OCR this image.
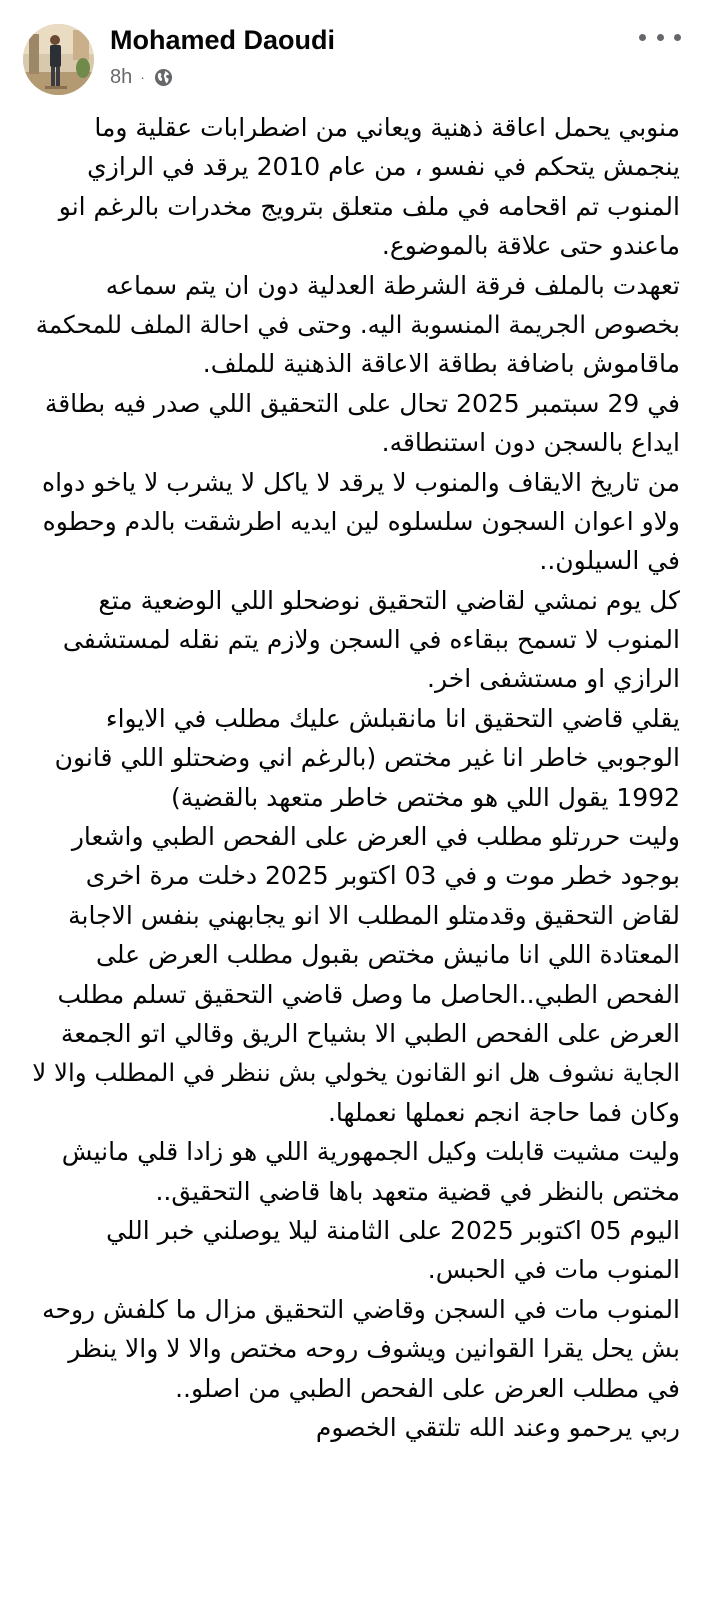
Mohamed Daoudi
8h ·
منوبي يحمل اعاقة ذهنية ويعاني من اضطرابات عقلية وما
ينجمش يتحكم في نفسو ، من عام 2010 يرقد في الرازي
المنوب تم اقحامه في ملف متعلق بترويج مخدرات بالرغم انو
ماعندو حتى علاقة بالموضوع.
تعهدت بالملف فرقة الشرطة العدلية دون ان يتم سماعه
بخصوص الجريمة المنسوبة اليه. وحتى في احالة الملف للمحكمة
ماقاموش باضافة بطاقة الاعاقة الذهنية للملف.
في 29 سبتمبر 2025 تحال على التحقيق اللي صدر فيه بطاقة
ايداع بالسجن دون استنطاقه.
من تاريخ الايقاف والمنوب لا يرقد لا ياكل لا يشرب لا ياخو دواه
ولاو اعوان السجون سلسلوه لين ايديه اطرشقت بالدم وحطوه
في السيلون..
كل يوم نمشي لقاضي التحقيق نوضحلو اللي الوضعية متع
المنوب لا تسمح ببقاءه في السجن ولازم يتم نقله لمستشفى
الرازي او مستشفى اخر.
يقلي قاضي التحقيق انا مانقبلش عليك مطلب في الايواء
الوجوبي خاطر انا غير مختص (بالرغم اني وضحتلو اللي قانون
1992 يقول اللي هو مختص خاطر متعهد بالقضية)
وليت حررتلو مطلب في العرض على الفحص الطبي واشعار
بوجود خطر موت و في 03 اكتوبر 2025 دخلت مرة اخرى
لقاض التحقيق وقدمتلو المطلب الا انو يجابهني بنفس الاجابة
المعتادة اللي انا مانيش مختص بقبول مطلب العرض على
الفحص الطبي..الحاصل ما وصل قاضي التحقيق تسلم مطلب
العرض على الفحص الطبي الا بشياح الريق وقالي اتو الجمعة
الجاية نشوف هل انو القانون يخولي بش ننظر في المطلب والا لا
وكان فما حاجة انجم نعملها نعملها.
وليت مشيت قابلت وكيل الجمهورية اللي هو زادا قلي مانيش
مختص بالنظر في قضية متعهد باها قاضي التحقيق..
اليوم 05 اكتوبر 2025 على الثامنة ليلا يوصلني خبر اللي
المنوب مات في الحبس.
المنوب مات في السجن وقاضي التحقيق مزال ما كلفش روحه
بش يحل يقرا القوانين ويشوف روحه مختص والا لا والا ينظر
في مطلب العرض على الفحص الطبي من اصلو..
ربي يرحمو وعند الله تلتقي الخصوم
